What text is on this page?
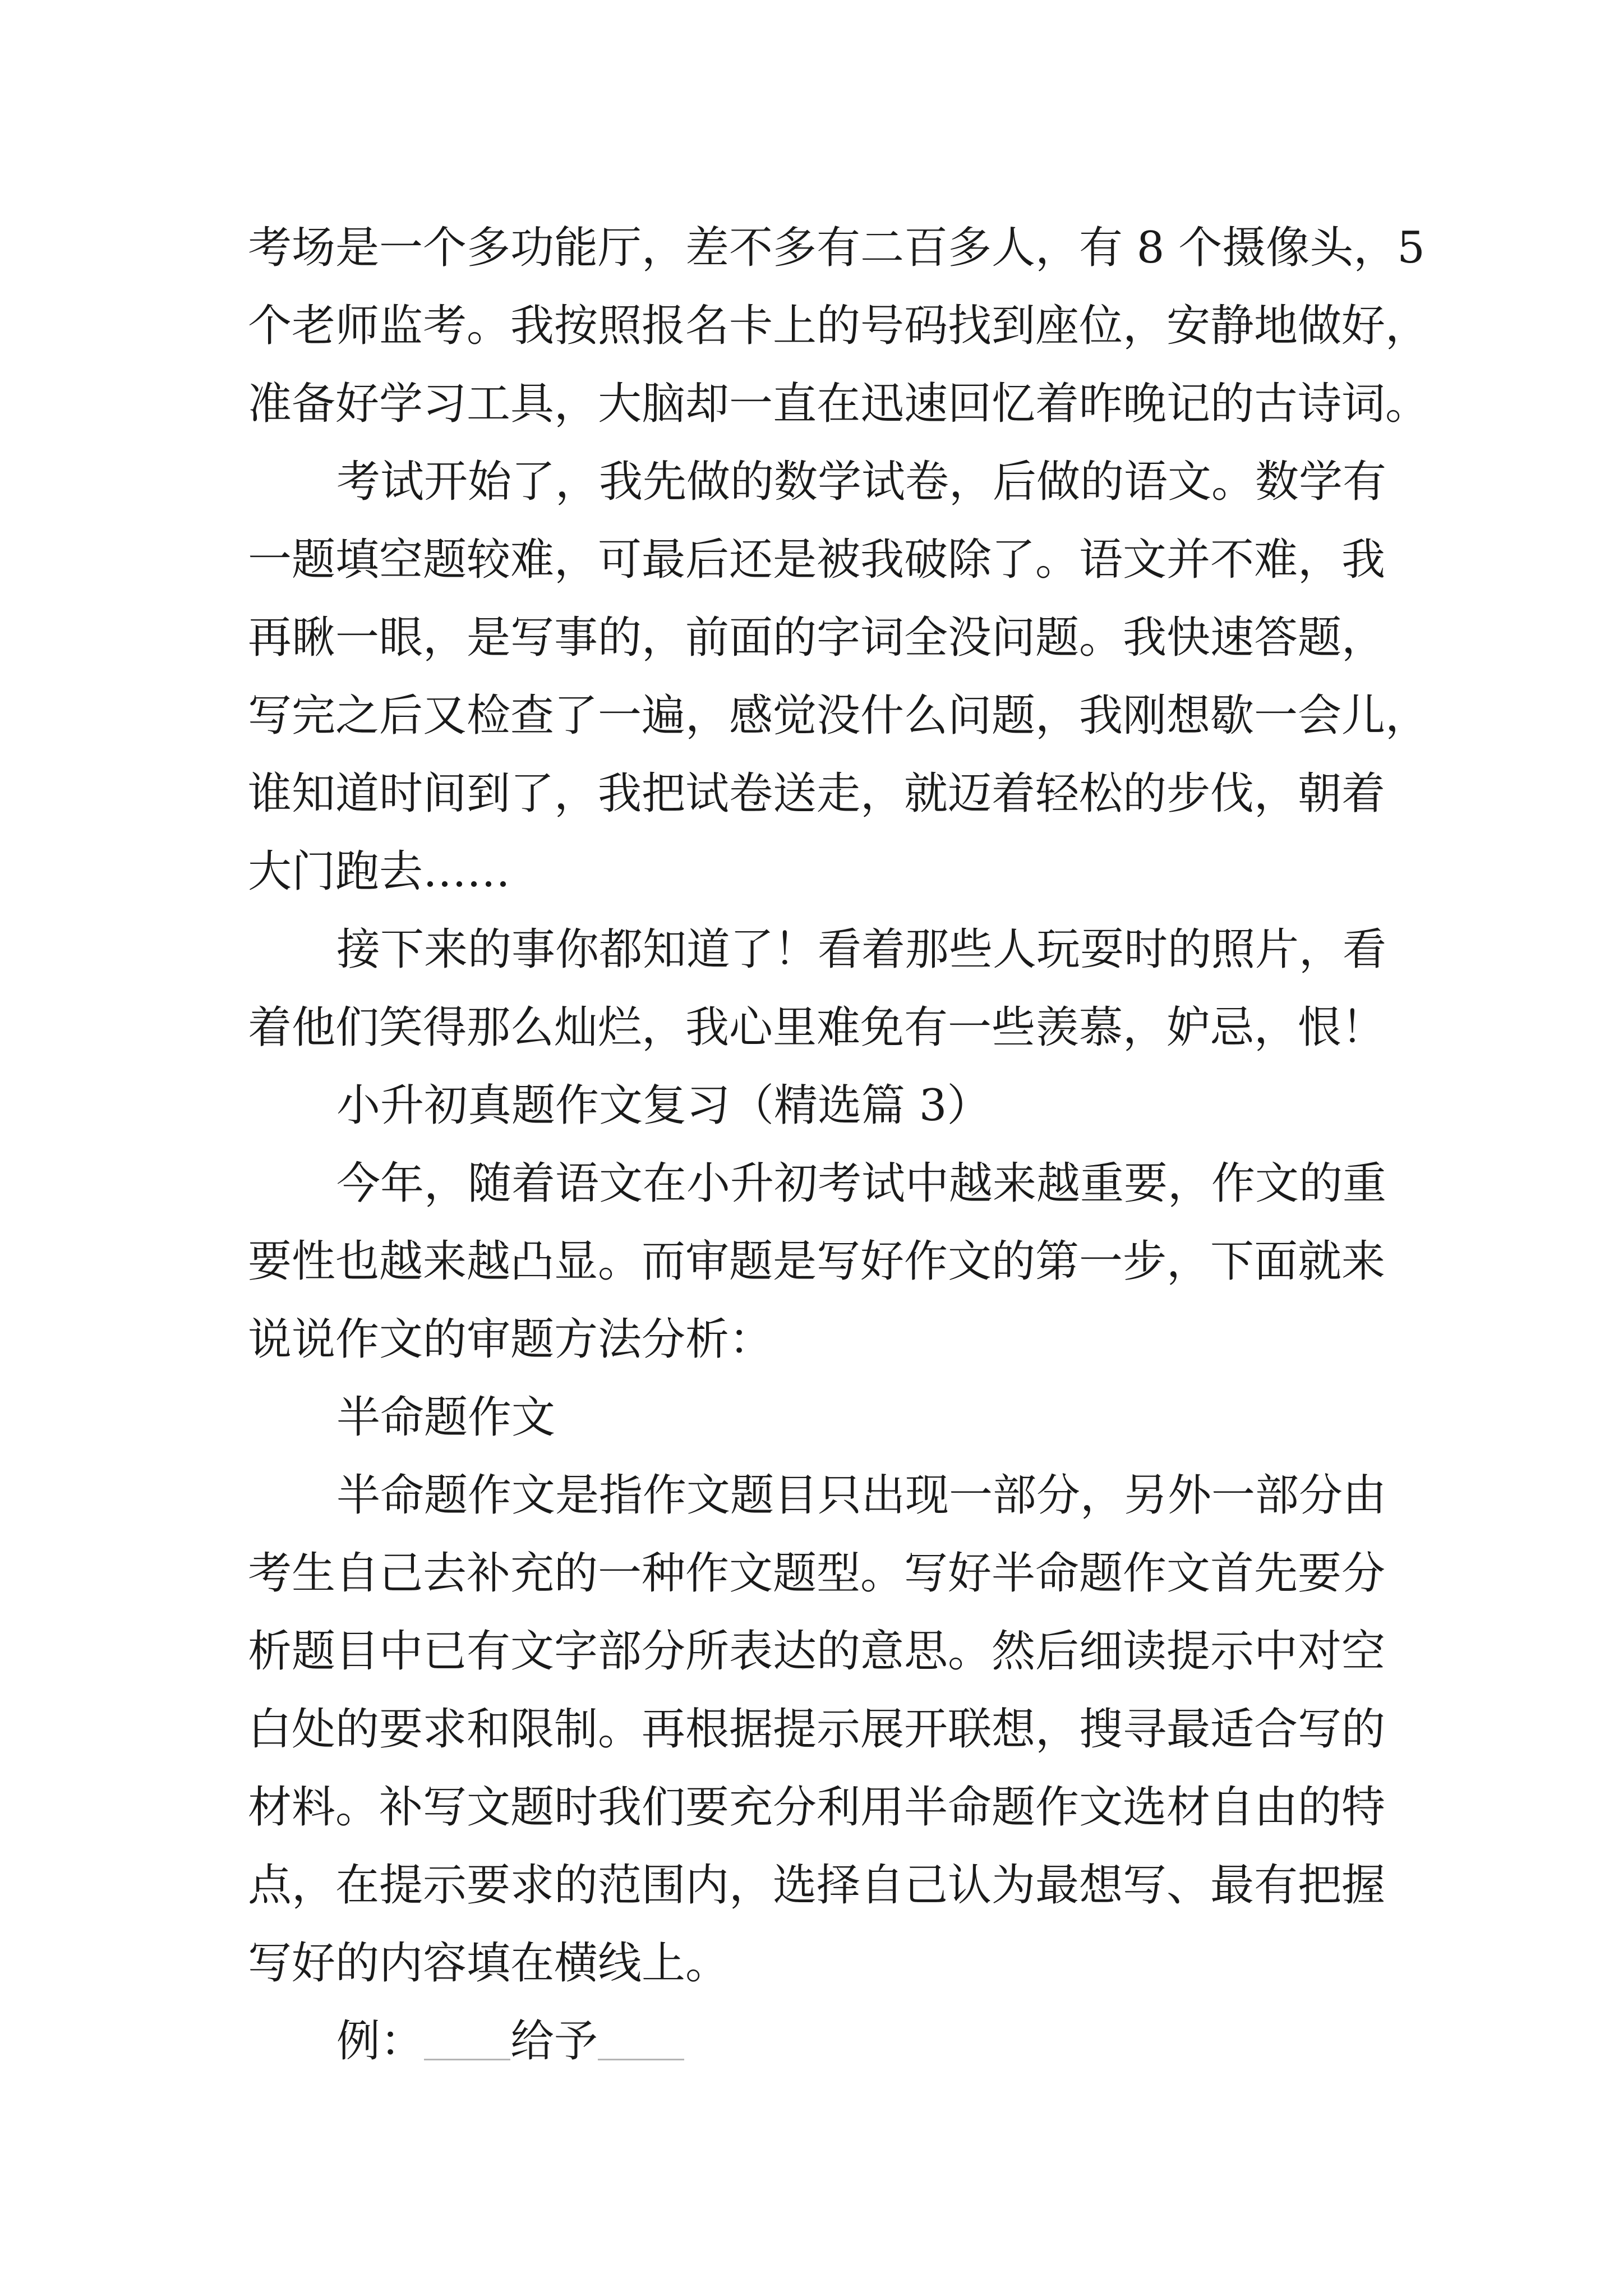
考场是一个多功能厅，差不多有二百多人，有 8 个摄像头，5

个老师监考。我按照报名卡上的号码找到座位，安静地做好，

准备好学习工具，大脑却一直在迅速回忆着昨晚记的古诗词。

考试开始了，我先做的数学试卷，后做的语文。数学有

一题填空题较难，可最后还是被我破除了。语文并不难，我

再瞅一眼，是写事的，前面的字词全没问题。我快速答题，

写完之后又检查了一遍，感觉没什么问题，我刚想歇一会儿，

谁知道时间到了，我把试卷送走，就迈着轻松的步伐，朝着

大门跑去……

接下来的事你都知道了！看着那些人玩耍时的照片，看

着他们笑得那么灿烂，我心里难免有一些羡慕，妒忌，恨！

小升初真题作文复习（精选篇 3）

今年，随着语文在小升初考试中越来越重要，作文的重

要性也越来越凸显。而审题是写好作文的第一步，下面就来

说说作文的审题方法分析：

半命题作文

半命题作文是指作文题目只出现一部分，另外一部分由

考生自己去补充的一种作文题型。写好半命题作文首先要分

析题目中已有文字部分所表达的意思。然后细读提示中对空

白处的要求和限制。再根据提示展开联想，搜寻最适合写的

材料。补写文题时我们要充分利用半命题作文选材自由的特

点，在提示要求的范围内，选择自己认为最想写、最有把握

写好的内容填在横线上。

例： 给予
